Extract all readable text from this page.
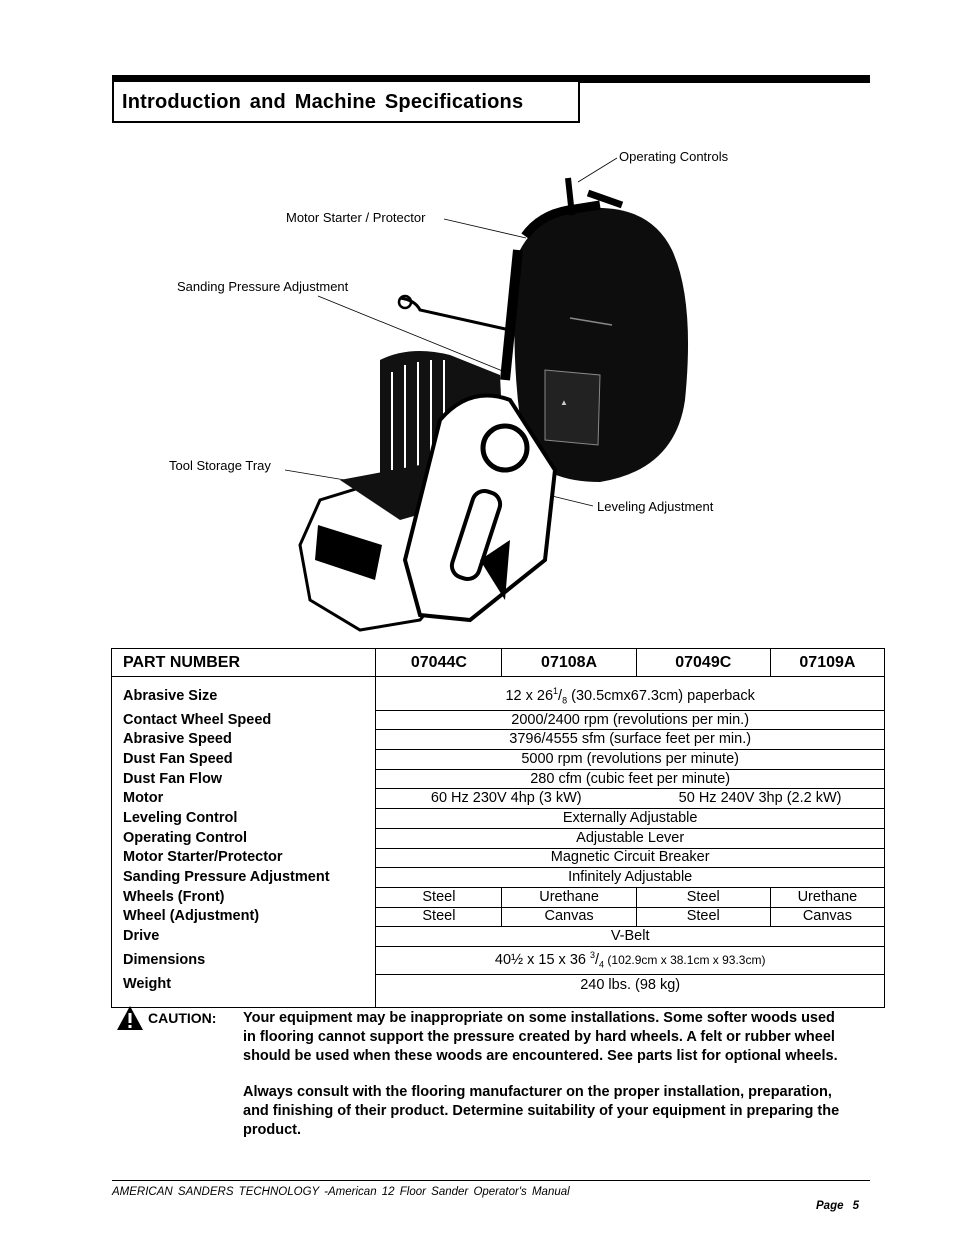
Introduction and Machine Specifications
▲
Operating Controls
Motor Starter / Protector
Sanding Pressure Adjustment
Tool Storage Tray
Leveling Adjustment
PART NUMBER	07044C	07108A	07049C	07109A
Abrasive Size	12 x $26^1/_8$ (30.5cmx67.3cm) paperback			
Contact Wheel Speed	2000/2400 rpm (revolutions per min.)			
Abrasive Speed	3796/4555 sfm (surface feet per min.)			
Dust Fan Speed	5000 rpm (revolutions per minute)			
Dust Fan Flow	280 cfm (cubic feet per minute)			
Motor	60 Hz 230V 4hp (3 kW)		50 Hz 240V 3hp (2.2 kW)	
Leveling Control	Externally Adjustable			
Operating Control	Adjustable Lever			
Motor Starter/Protector	Magnetic Circuit Breaker			
Sanding Pressure Adjustment	Infinitely Adjustable			
Wheels (Front)	Steel	Urethane	Steel	Urethane
Wheel (Adjustment)	Steel	Canvas	Steel	Canvas
Drive	V-Belt			
Dimensions	40½ x 15 x 36 $^3/_4$ (102.9cm x 38.1cm x 93.3cm)			
Weight	240 lbs. (98 kg)			
CAUTION: Your equipment may be inappropriate on some installations. Some softer woods used in flooring cannot support the pressure created by hard wheels. A felt or rubber wheel should be used when these woods are encountered. See parts list for optional wheels.

Always consult with the flooring manufacturer on the proper installation, preparation, and finishing of their product. Determine suitability of your equipment in preparing the product.

AMERICAN SANDERS TECHNOLOGY -American 12 Floor Sander Operator's Manual
Page 5
